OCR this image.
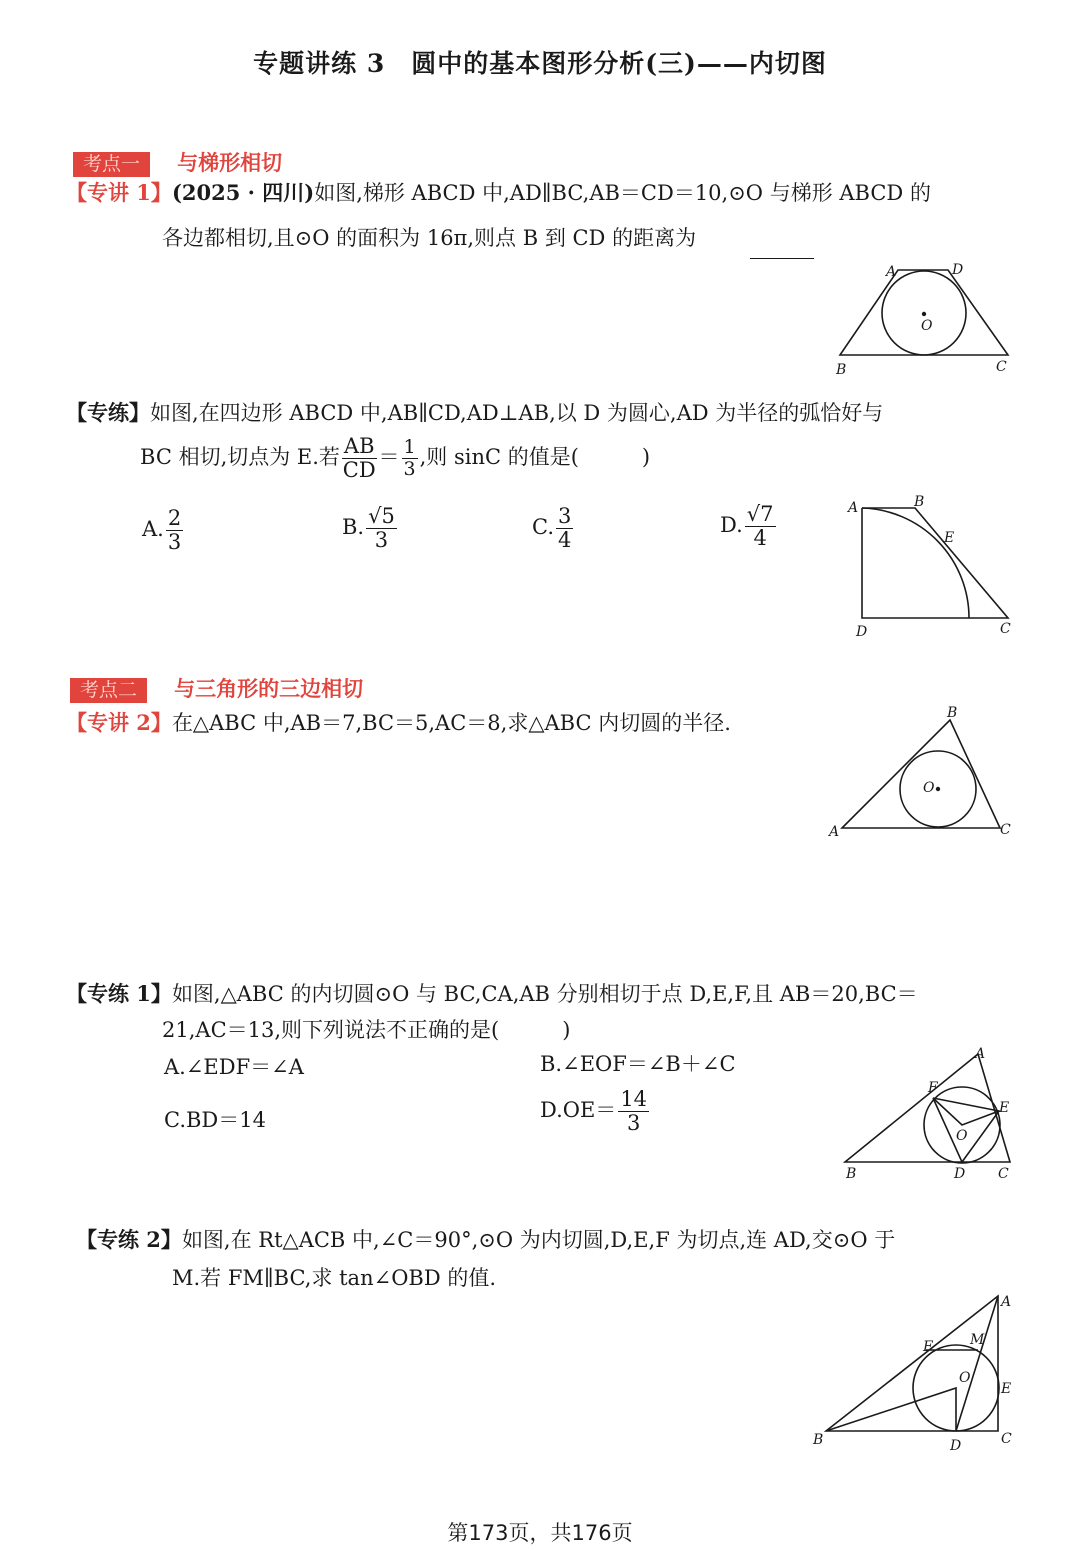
专题讲练 3　圆中的基本图形分析(三)——内切图
考点一 与梯形相切
【专讲 1】(2025 · 四川)如图,梯形 ABCD 中,AD∥BC,AB＝CD＝10,⊙O 与梯形 ABCD 的
各边都相切,且⊙O 的面积为 16π,则点 B 到 CD 的距离为
A	D
O
B	C
【专练】如图,在四边形 ABCD 中,AB∥CD,AD⊥AB,以 D 为圆心,AD 为半径的弧恰好与
BC 相切,切点为 E.若 $\frac{AB}{CD} = \frac{1}{3}$ ,则 sinC 的值是(　　　)
A. $\frac{2}{3}$	B. $\frac{√5}{3}$	C. $\frac{3}{4}$	D. $\frac{√7}{4}$	A	B
E
D	C
考点二 与三角形的三边相切
【专讲 2】在△ABC 中,AB＝7,BC＝5,AC＝8,求△ABC 内切圆的半径.	B
O
A	C
【专练 1】如图,△ABC 的内切圆⊙O 与 BC,CA,AB 分别相切于点 D,E,F,且 AB＝20,BC＝
21,AC＝13,则下列说法不正确的是(　　　)
A.∠EDF＝∠A	B.∠EOF＝∠B＋∠C
C.BD＝14	$D.OE= \frac{14}{3}$
A
F
E
O
B	D C
【专练 2】如图,在 Rt△ACB 中,∠C＝90°,⊙O 为内切圆,D,E,F 为切点,连 AD,交⊙O 于
M.若 FM∥BC,求 tan∠OBD 的值.
A
M
F
O
E
B	D	C
第173页，共176页
